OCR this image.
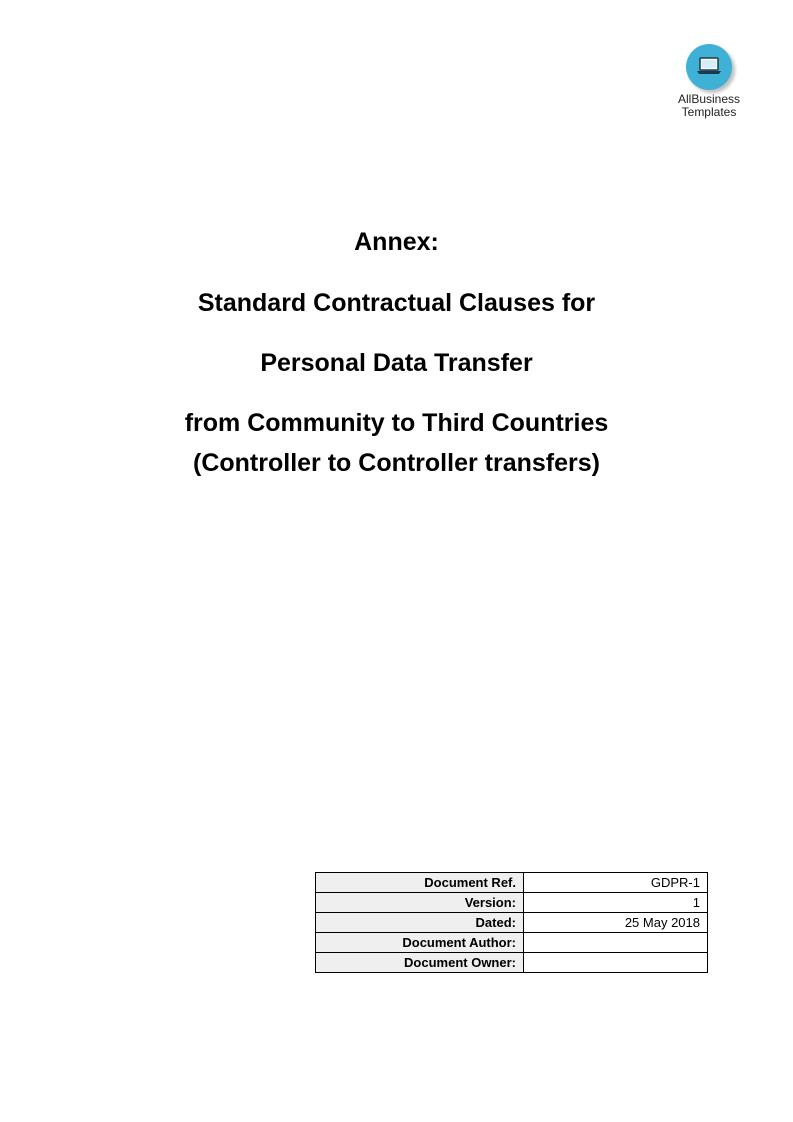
AllBusiness
Templates
Annex:
Standard Contractual Clauses for
Personal Data Transfer
from Community to Third Countries
(Controller to Controller transfers)
Document Ref.	GDPR-1
Version:	1
Dated:	25 May 2018
Document Author:	
Document Owner:	
